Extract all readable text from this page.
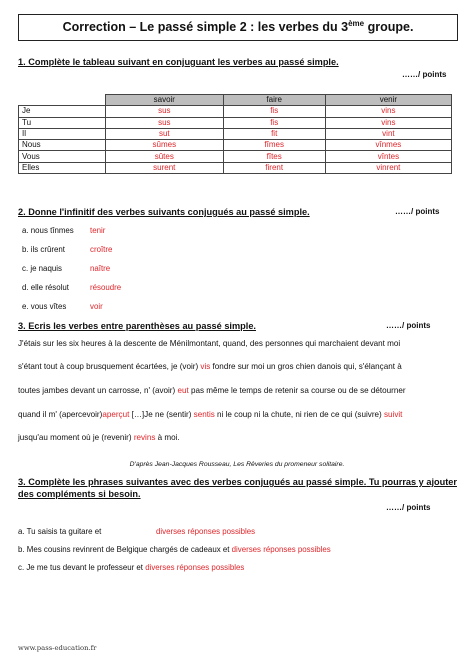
Correction – Le passé simple 2 : les verbes du 3ème groupe.
1. Complète le tableau suivant en conjuguant les verbes au passé simple.
……/ points
	savoir	faire	venir
Je	sus	fis	vins
Tu	sus	fis	vins
Il	sut	fit	vint
Nous	sûmes	fîmes	vînmes
Vous	sûtes	fîtes	vîntes
Elles	surent	firent	vinrent
2. Donne l'infinitif des verbes suivants conjugués au passé simple.	……/ points
a. nous tînmes tenir
b. ils crûrent	croître
c. je naquis	naître
d. elle résolut	résoudre
e. vous vîtes	voir
3. Ecris les verbes entre parenthèses au passé simple.	……/ points
J'étais sur les six heures à la descente de Ménilmontant, quand, des personnes qui marchaient devant moi
s'étant tout à coup brusquement écartées, je (voir) vis fondre sur moi un gros chien danois qui, s'élançant à
toutes jambes devant un carrosse, n' (avoir) eut pas même le temps de retenir sa course ou de se détourner
quand il m' (apercevoir)aperçut […]Je ne (sentir) sentis ni le coup ni la chute, ni rien de ce qui (suivre) suivit
jusqu'au moment où je (revenir) revins à moi.
D'après Jean-Jacques Rousseau, Les Rêveries du promeneur solitaire.
3. Complète les phrases suivantes avec des verbes conjugués au passé simple. Tu pourras y ajouter
des compléments si besoin.
……/ points
a. Tu saisis ta guitare et	diverses réponses possibles
b. Mes cousins revinrent de Belgique chargés de cadeaux et diverses réponses possibles
c. Je me tus devant le professeur et diverses réponses possibles
www.pass-education.fr
